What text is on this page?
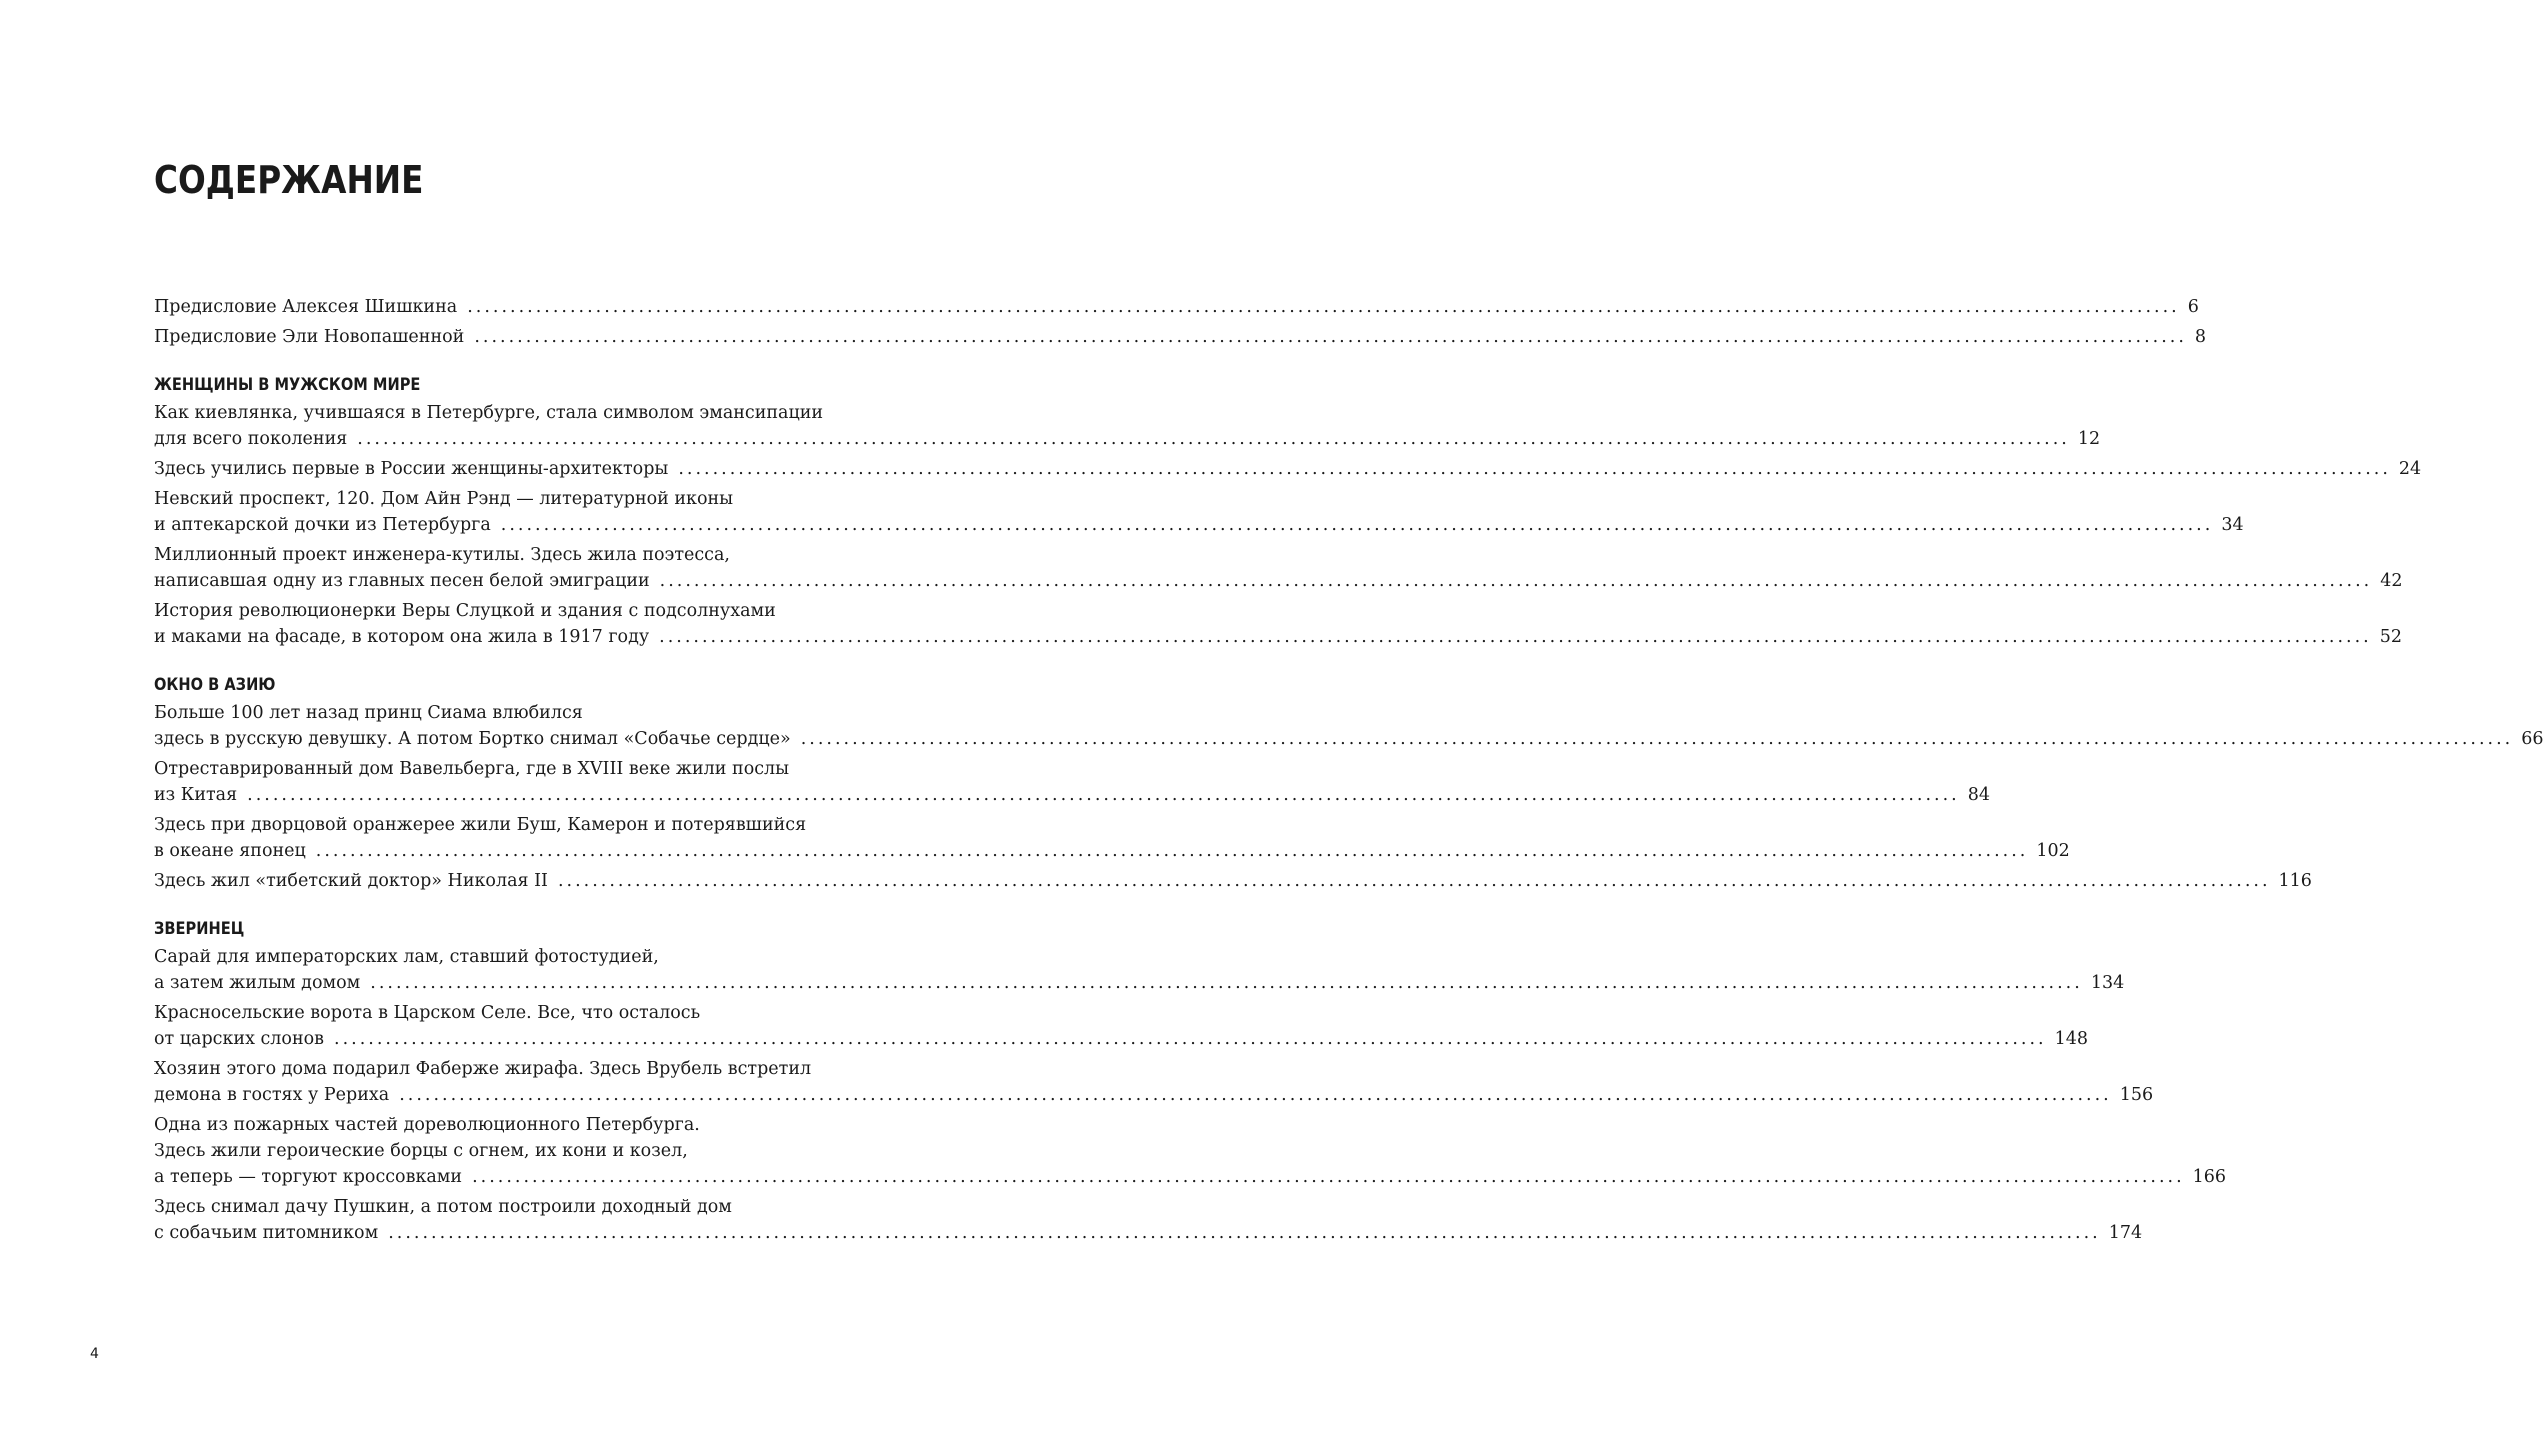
СОДЕРЖАНИЕ
Предисловие Алексея Шишкина ........................................................................................................................................................................................................ 6
Предисловие Эли Новопашенной ........................................................................................................................................................................................................ 8
ЖЕНЩИНЫ В МУЖСКОМ МИРЕ
Как киевлянка, учившаяся в Петербурге, стала символом эмансипации
для всего поколения ........................................................................................................................................................................................................ 12
Здесь учились первые в России женщины-архитекторы ........................................................................................................................................................................................................ 24
Невский проспект, 120. Дом Айн Рэнд — литературной иконы
и аптекарской дочки из Петербурга ........................................................................................................................................................................................................ 34
Миллионный проект инженера-кутилы. Здесь жила поэтесса,
написавшая одну из главных песен белой эмиграции ........................................................................................................................................................................................................ 42
История революционерки Веры Слуцкой и здания с подсолнухами
и маками на фасаде, в котором она жила в 1917 году ........................................................................................................................................................................................................ 52
ОКНО В АЗИЮ
Больше 100 лет назад принц Сиама влюбился
здесь в русскую девушку. А потом Бортко снимал «Собачье сердце» ........................................................................................................................................................................................................ 66
Отреставрированный дом Вавельберга, где в XVIII веке жили послы
из Китая ........................................................................................................................................................................................................ 84
Здесь при дворцовой оранжерее жили Буш, Камерон и потерявшийся
в океане японец ........................................................................................................................................................................................................ 102
Здесь жил «тибетский доктор» Николая II ........................................................................................................................................................................................................ 116
ЗВЕРИНЕЦ
Сарай для императорских лам, ставший фотостудией,
а затем жилым домом ........................................................................................................................................................................................................ 134
Красносельские ворота в Царском Селе. Все, что осталось
от царских слонов ........................................................................................................................................................................................................ 148
Хозяин этого дома подарил Фаберже жирафа. Здесь Врубель встретил
демона в гостях у Рериха ........................................................................................................................................................................................................ 156
Одна из пожарных частей дореволюционного Петербурга.
Здесь жили героические борцы с огнем, их кони и козел,
а теперь — торгуют кроссовками ........................................................................................................................................................................................................ 166
Здесь снимал дачу Пушкин, а потом построили доходный дом
с собачьим питомником ........................................................................................................................................................................................................ 174
4
